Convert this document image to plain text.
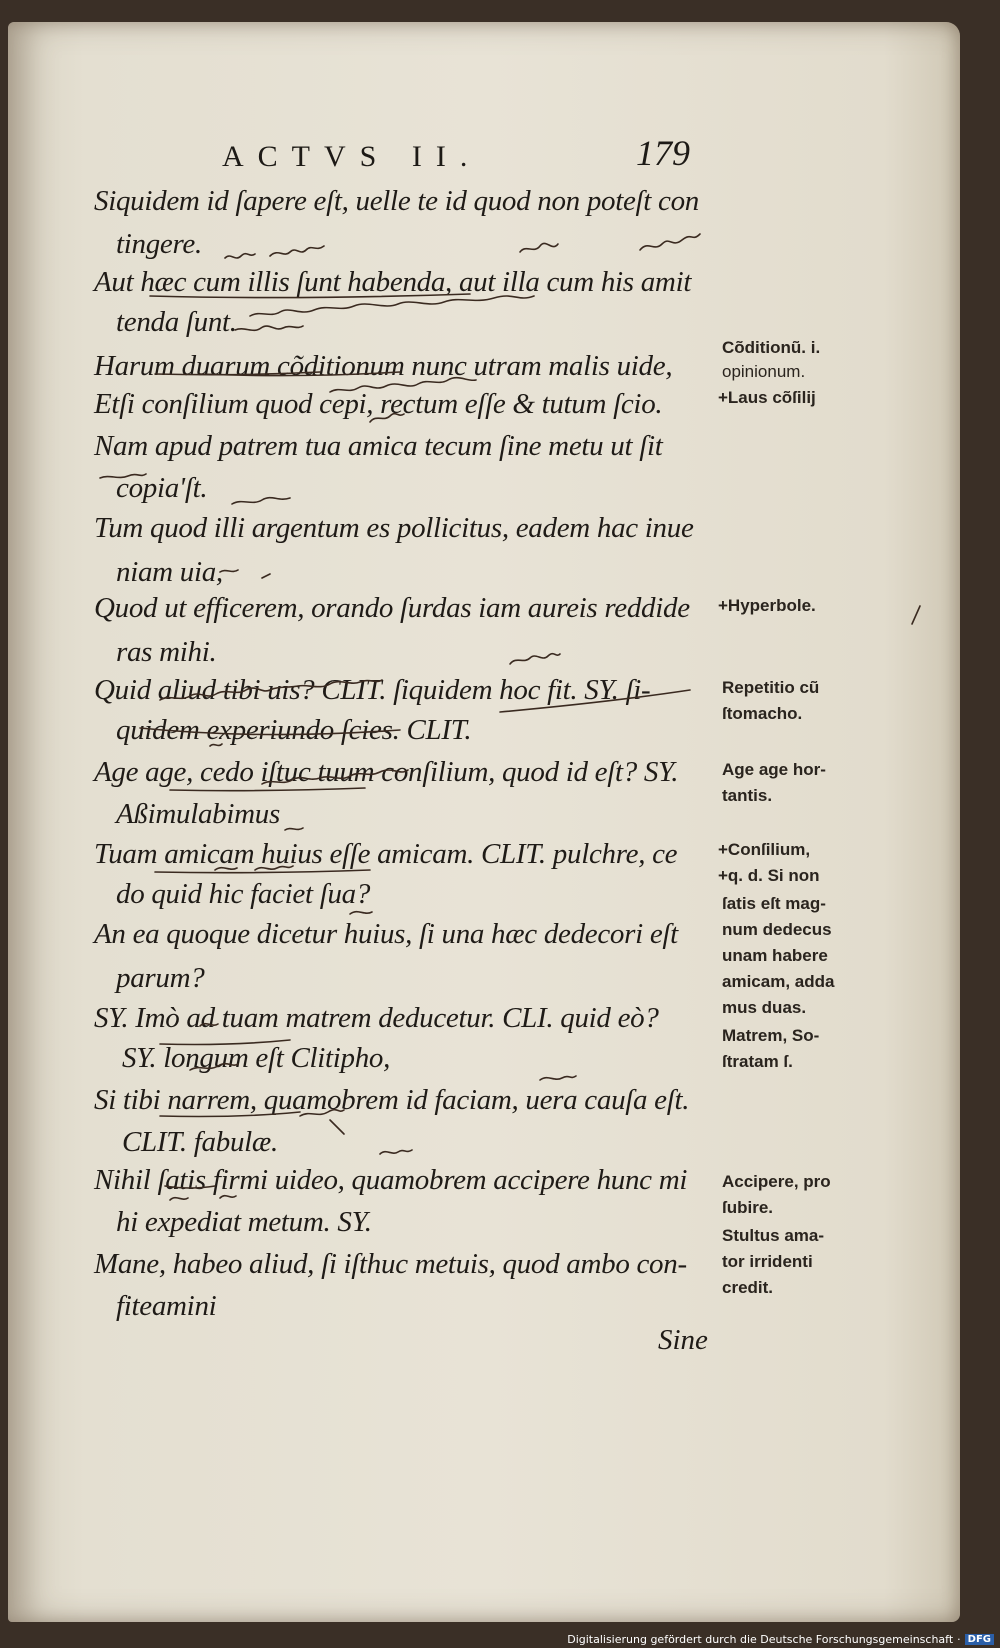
ACTVS II.	179
Siquidem id ſapere eſt, uelle te id quod non poteſt con
tingere.
Aut hæc cum illis ſunt habenda, aut illa cum his amit
tenda ſunt.
Harum duarum cõditionum nunc utram malis uide,
Etſi conſilium quod cepi, rectum eſſe & tutum ſcio.
Nam apud patrem tua amica tecum ſine metu ut ſit
copia'ſt.
Tum quod illi argentum es pollicitus, eadem hac inue
niam uia,
Quod ut efficerem, orando ſurdas iam aureis reddide
ras mihi.
Quid aliud tibi uis? CLIT. ſiquidem hoc fit. SY. ſi-
quidem experiundo ſcies. CLIT.
Age age, cedo iſtuc tuum conſilium, quod id eſt? SY.
Aßimulabimus
Tuam amicam huius eſſe amicam. CLIT. pulchre, ce
do quid hic faciet ſua?
An ea quoque dicetur huius, ſi una hæc dedecori eſt
parum?
SY. Imò ad tuam matrem deducetur. CLI. quid eò?
SY. longum eſt Clitipho,
Si tibi narrem, quamobrem id faciam, uera cauſa eſt.
CLIT. fabulæ.
Nihil ſatis firmi uideo, quamobrem accipere hunc mi
hi expediat metum. SY.
Mane, habeo aliud, ſi iſthuc metuis, quod ambo con-
fiteamini
Cõditionũ. i.
opinionum.
+Laus cõſilij
+Hyperbole.
Repetitio cũ
ſtomacho.
Age age hor-
tantis.
+Conſilium,
+q. d. Si non
ſatis eſt mag-
num dedecus
unam habere
amicam, adda
mus duas.
Matrem, So-
ſtratam ſ.
Accipere, pro
ſubire.
Stultus ama-
tor irridenti
credit.
Sine
Digitalisierung gefördert durch die Deutsche Forschungsgemeinschaft · DFG
